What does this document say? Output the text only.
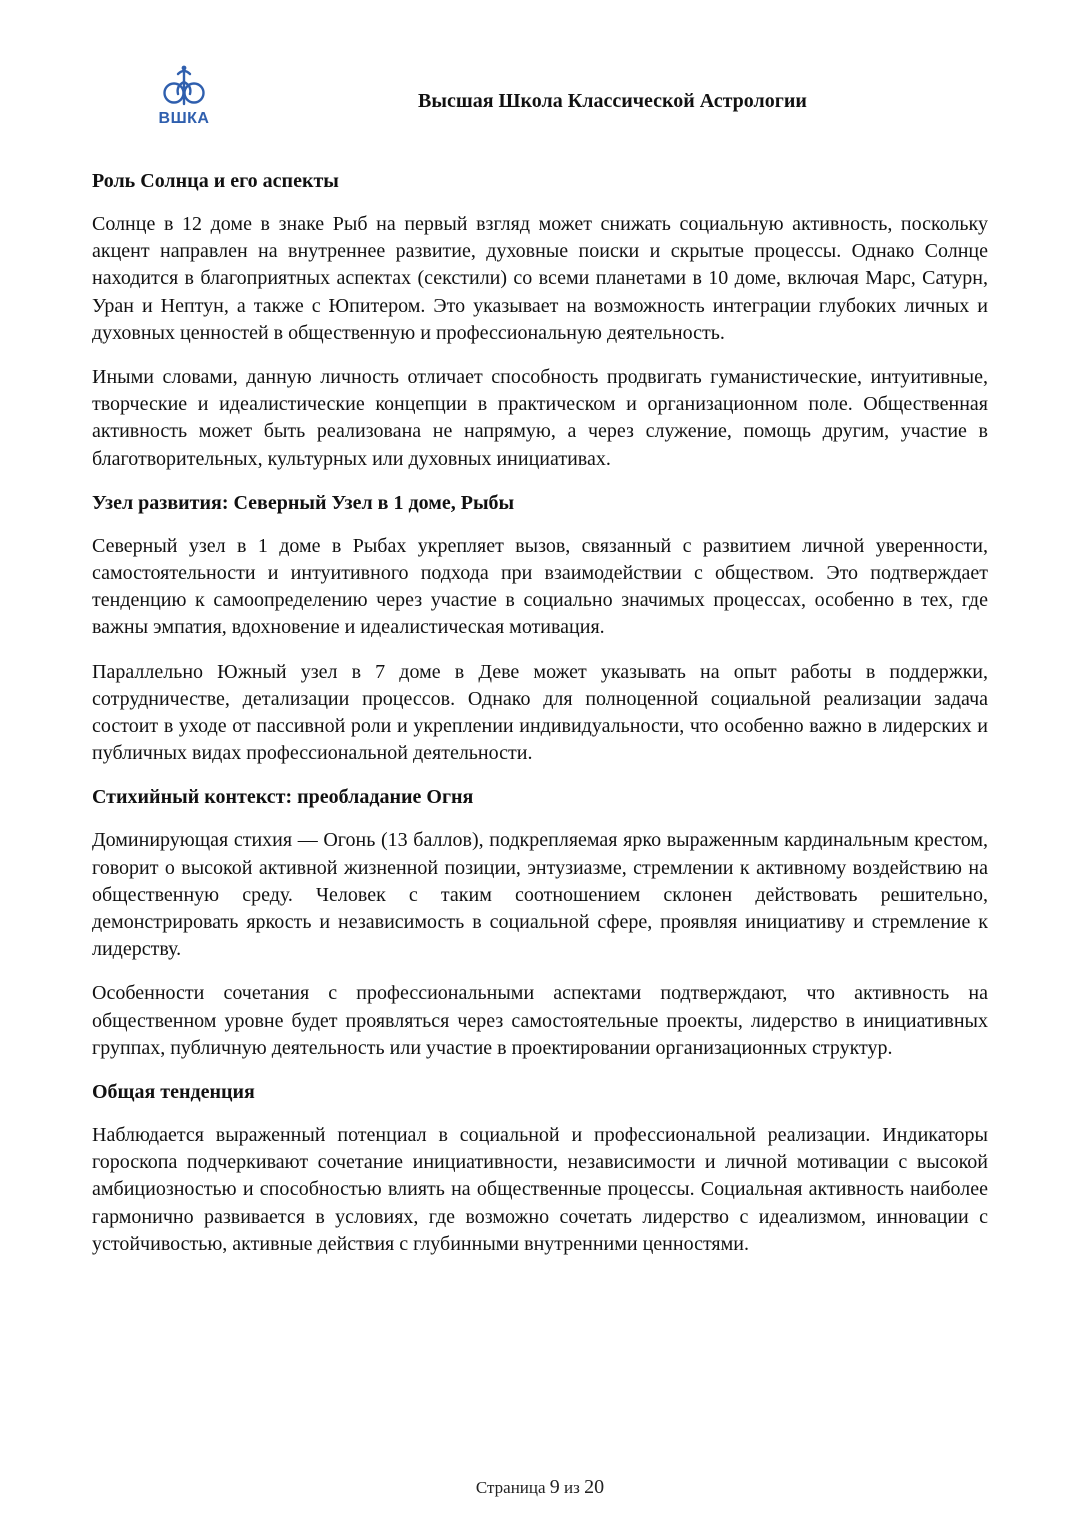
ВШКА
Высшая Школа Классической Астрологии
Роль Солнца и его аспекты

Солнце в 12 доме в знаке Рыб на первый взгляд может снижать социальную активность, поскольку акцент направлен на внутреннее развитие, духовные поиски и скрытые процессы. Однако Солнце находится в благоприятных аспектах (секстили) со всеми планетами в 10 доме, включая Марс, Сатурн, Уран и Нептун, а также с Юпитером. Это указывает на возможность интеграции глубоких личных и духовных ценностей в общественную и профессиональную деятельность.

Иными словами, данную личность отличает способность продвигать гуманистические, интуитивные, творческие и идеалистические концепции в практическом и организационном поле. Общественная активность может быть реализована не напрямую, а через служение, помощь другим, участие в благотворительных, культурных или духовных инициативах.

Узел развития: Северный Узел в 1 доме, Рыбы

Северный узел в 1 доме в Рыбах укрепляет вызов, связанный с развитием личной уверенности, самостоятельности и интуитивного подхода при взаимодействии с обществом. Это подтверждает тенденцию к самоопределению через участие в социально значимых процессах, особенно в тех, где важны эмпатия, вдохновение и идеалистическая мотивация.

Параллельно Южный узел в 7 доме в Деве может указывать на опыт работы в поддержки, сотрудничестве, детализации процессов. Однако для полноценной социальной реализации задача состоит в уходе от пассивной роли и укреплении индивидуальности, что особенно важно в лидерских и публичных видах профессиональной деятельности.

Стихийный контекст: преобладание Огня

Доминирующая стихия — Огонь (13 баллов), подкрепляемая ярко выраженным кардинальным крестом, говорит о высокой активной жизненной позиции, энтузиазме, стремлении к активному воздействию на общественную среду. Человек с таким соотношением склонен действовать решительно, демонстрировать яркость и независимость в социальной сфере, проявляя инициативу и стремление к лидерству.

Особенности сочетания с профессиональными аспектами подтверждают, что активность на общественном уровне будет проявляться через самостоятельные проекты, лидерство в инициативных группах, публичную деятельность или участие в проектировании организационных структур.

Общая тенденция

Наблюдается выраженный потенциал в социальной и профессиональной реализации. Индикаторы гороскопа подчеркивают сочетание инициативности, независимости и личной мотивации с высокой амбициозностью и способностью влиять на общественные процессы. Социальная активность наиболее гармонично развивается в условиях, где возможно сочетать лидерство с идеализмом, инновации с устойчивостью, активные действия с глубинными внутренними ценностями.

Страница 9 из 20
